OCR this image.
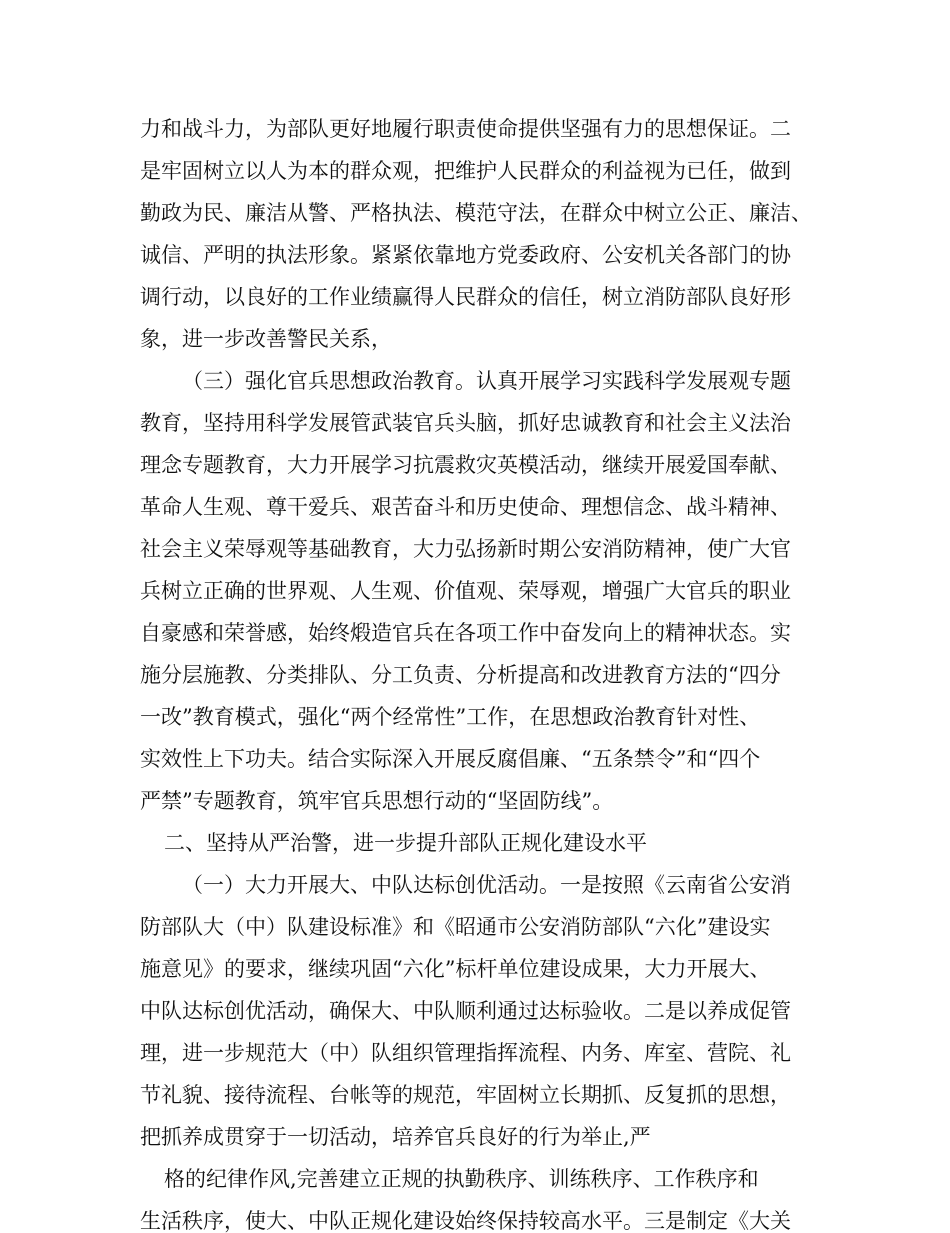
力和战斗力，为部队更好地履行职责使命提供坚强有力的思想保证。二
是牢固树立以人为本的群众观，把维护人民群众的利益视为已任，做到
勤政为民、廉洁从警、严格执法、模范守法，在群众中树立公正、廉洁、
诚信、严明的执法形象。紧紧依靠地方党委政府、公安机关各部门的协
调行动，以良好的工作业绩赢得人民群众的信任，树立消防部队良好形
象，进一步改善警民关系，
（三）强化官兵思想政治教育。认真开展学习实践科学发展观专题
教育，坚持用科学发展管武装官兵头脑，抓好忠诚教育和社会主义法治
理念专题教育，大力开展学习抗震救灾英模活动，继续开展爱国奉献、
革命人生观、尊干爱兵、艰苦奋斗和历史使命、理想信念、战斗精神、
社会主义荣辱观等基础教育，大力弘扬新时期公安消防精神，使广大官
兵树立正确的世界观、人生观、价值观、荣辱观，增强广大官兵的职业
自豪感和荣誉感，始终煅造官兵在各项工作中奋发向上的精神状态。实
施分层施教、分类排队、分工负责、分析提高和改进教育方法的“四分
一改”教育模式，强化“两个经常性”工作，在思想政治教育针对性、
实效性上下功夫。结合实际深入开展反腐倡廉、“五条禁令”和“四个
严禁”专题教育，筑牢官兵思想行动的“坚固防线”。
二、坚持从严治警，进一步提升部队正规化建设水平
（一）大力开展大、中队达标创优活动。一是按照《云南省公安消
防部队大（中）队建设标准》和《昭通市公安消防部队“六化”建设实
施意见》的要求，继续巩固“六化”标杆单位建设成果，大力开展大、
中队达标创优活动，确保大、中队顺利通过达标验收。二是以养成促管
理，进一步规范大（中）队组织管理指挥流程、内务、库室、营院、礼
节礼貌、接待流程、台帐等的规范，牢固树立长期抓、反复抓的思想，
把抓养成贯穿于一切活动，培养官兵良好的行为举止,严
格的纪律作风,完善建立正规的执勤秩序、训练秩序、工作秩序和
生活秩序，使大、中队正规化建设始终保持较高水平。三是制定《大关
